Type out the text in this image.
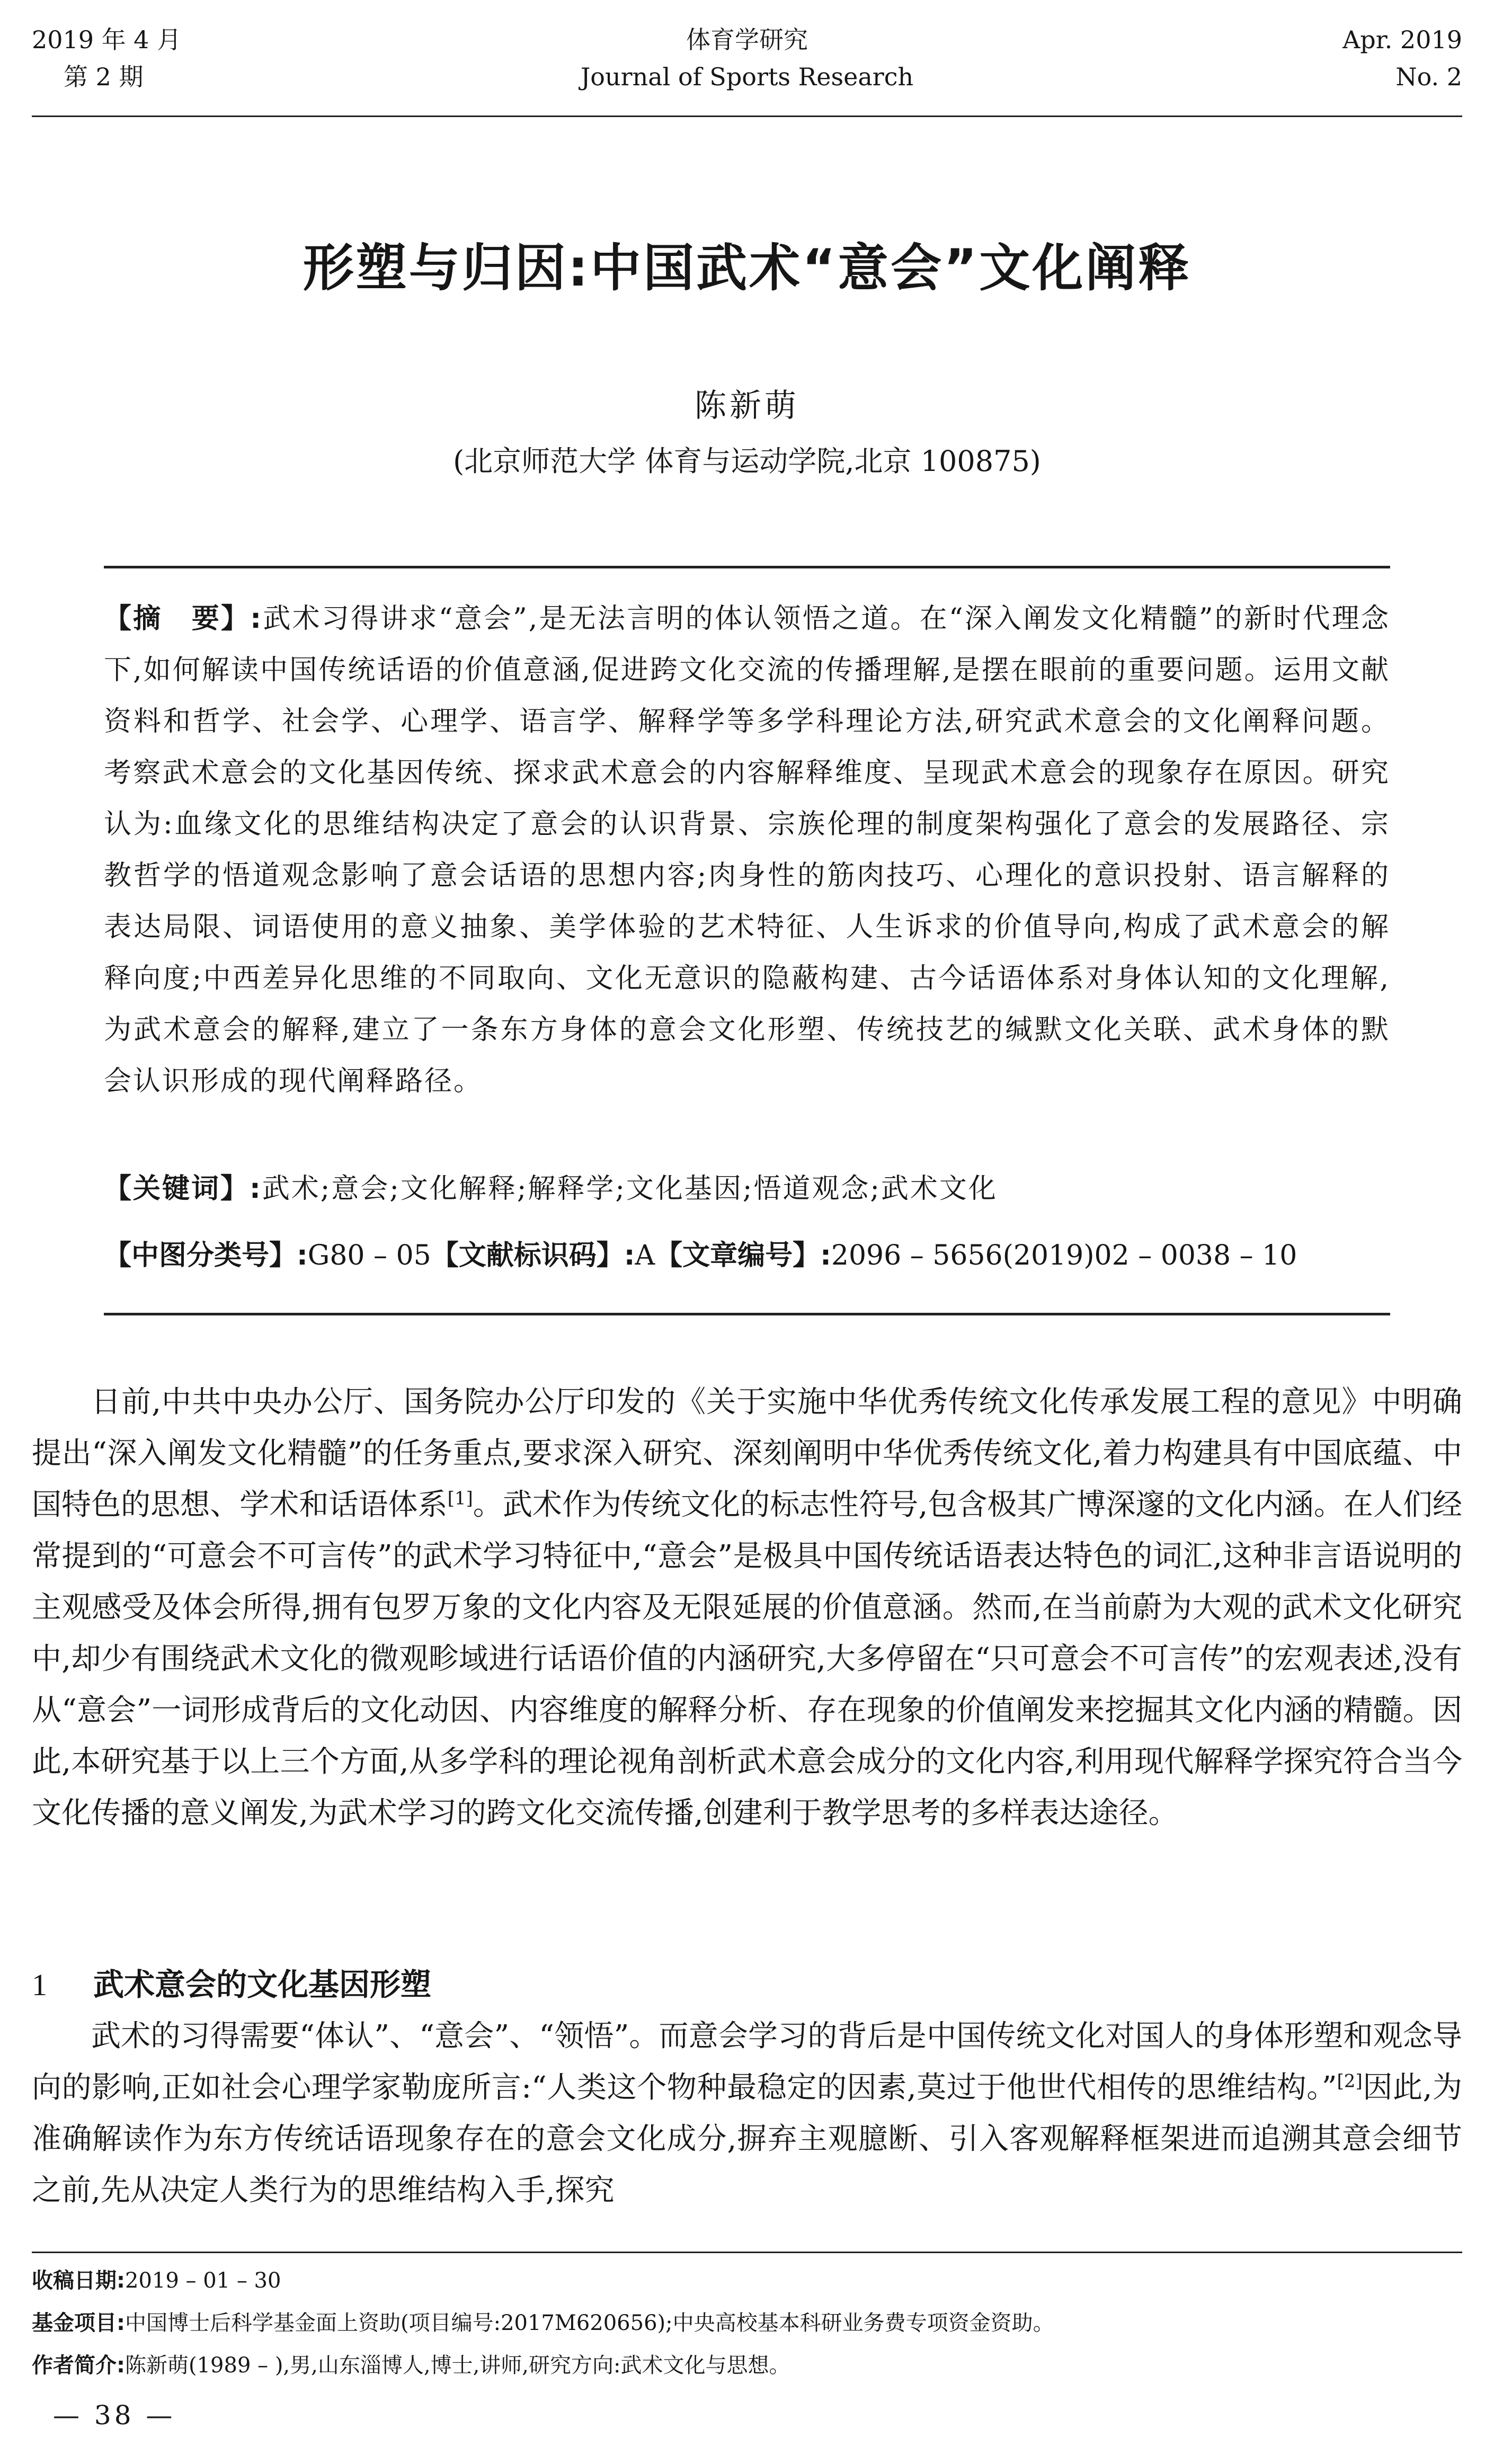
2019 年 4 月
第 2 期
体育学研究
Journal of Sports Research
Apr. 2019
No. 2
形塑与归因:中国武术“意会”文化阐释
陈新萌
(北京师范大学 体育与运动学院,北京 100875)
【摘　要】:武术习得讲求“意会”,是无法言明的体认领悟之道。在“深入阐发文化精髓”的新时代理念下,如何解读中国传统话语的价值意涵,促进跨文化交流的传播理解,是摆在眼前的重要问题。运用文献资料和哲学、社会学、心理学、语言学、解释学等多学科理论方法,研究武术意会的文化阐释问题。考察武术意会的文化基因传统、探求武术意会的内容解释维度、呈现武术意会的现象存在原因。研究认为:血缘文化的思维结构决定了意会的认识背景、宗族伦理的制度架构强化了意会的发展路径、宗教哲学的悟道观念影响了意会话语的思想内容;肉身性的筋肉技巧、心理化的意识投射、语言解释的表达局限、词语使用的意义抽象、美学体验的艺术特征、人生诉求的价值导向,构成了武术意会的解释向度;中西差异化思维的不同取向、文化无意识的隐蔽构建、古今话语体系对身体认知的文化理解,为武术意会的解释,建立了一条东方身体的意会文化形塑、传统技艺的缄默文化关联、武术身体的默会认识形成的现代阐释路径。
【关键词】:武术;意会;文化解释;解释学;文化基因;悟道观念;武术文化
【中图分类号】:G80 – 05【文献标识码】:A【文章编号】:2096 – 5656(2019)02 – 0038 – 10

日前,中共中央办公厅、国务院办公厅印发的《关于实施中华优秀传统文化传承发展工程的意见》中明确提出“深入阐发文化精髓”的任务重点,要求深入研究、深刻阐明中华优秀传统文化,着力构建具有中国底蕴、中国特色的思想、学术和话语体系[1]。武术作为传统文化的标志性符号,包含极其广博深邃的文化内涵。在人们经常提到的“可意会不可言传”的武术学习特征中,“意会”是极具中国传统话语表达特色的词汇,这种非言语说明的主观感受及体会所得,拥有包罗万象的文化内容及无限延展的价值意涵。然而,在当前蔚为大观的武术文化研究中,却少有围绕武术文化的微观畛域进行话语价值的内涵研究,大多停留在“只可意会不可言传”的宏观表述,没有从“意会”一词形成背后的文化动因、内容维度的解释分析、存在现象的价值阐发来挖掘其文化内涵的精髓。因此,本研究基于以上三个方面,从多学科的理论视角剖析武术意会成分的文化内容,利用现代解释学探究符合当今文化传播的意义阐发,为武术学习的跨文化交流传播,创建利于教学思考的多样表达途径。

1 武术意会的文化基因形塑

武术的习得需要“体认”、“意会”、“领悟”。而意会学习的背后是中国传统文化对国人的身体形塑和观念导向的影响,正如社会心理学家勒庞所言:“人类这个物种最稳定的因素,莫过于他世代相传的思维结构。”[2]因此,为准确解读作为东方传统话语现象存在的意会文化成分,摒弃主观臆断、引入客观解释框架进而追溯其意会细节之前,先从决定人类行为的思维结构入手,探究

收稿日期:2019 – 01 – 30
基金项目:中国博士后科学基金面上资助(项目编号:2017M620656);中央高校基本科研业务费专项资金资助。
作者简介:陈新萌(1989 – ),男,山东淄博人,博士,讲师,研究方向:武术文化与思想。
— 38 —
